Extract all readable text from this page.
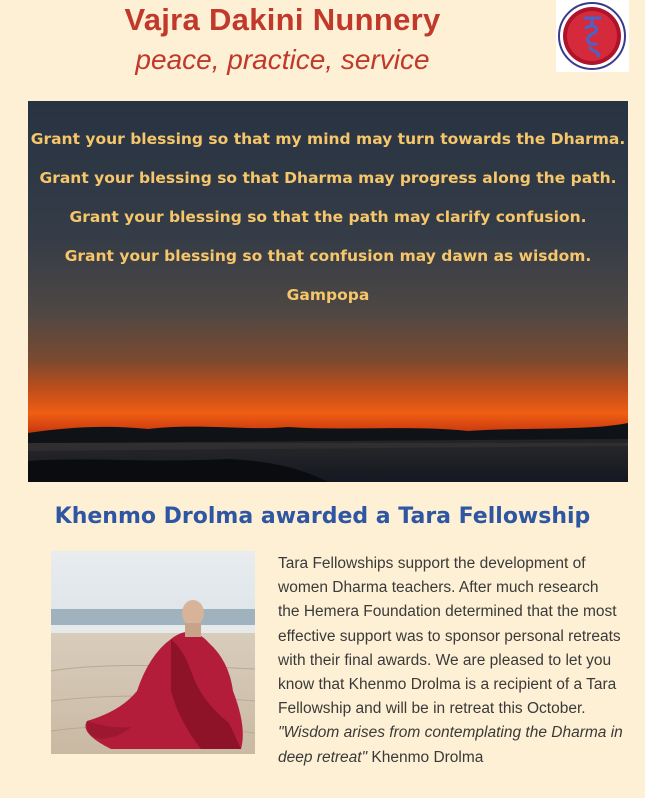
Vajra Dakini Nunnery
peace, practice, service
Grant your blessing so that my mind may turn towards the Dharma.
Grant your blessing so that Dharma may progress along the path.
Grant your blessing so that the path may clarify confusion.
Grant your blessing so that confusion may dawn as wisdom.
Gampopa
Khenmo Drolma awarded a Tara Fellowship

Tara Fellowships support the development of women Dharma teachers. After much research the Hemera Foundation determined that the most effective support was to sponsor personal retreats with their final awards. We are pleased to let you know that Khenmo Drolma is a recipient of a Tara Fellowship and will be in retreat this October.

"Wisdom arises from contemplating the Dharma in deep retreat" Khenmo Drolma
